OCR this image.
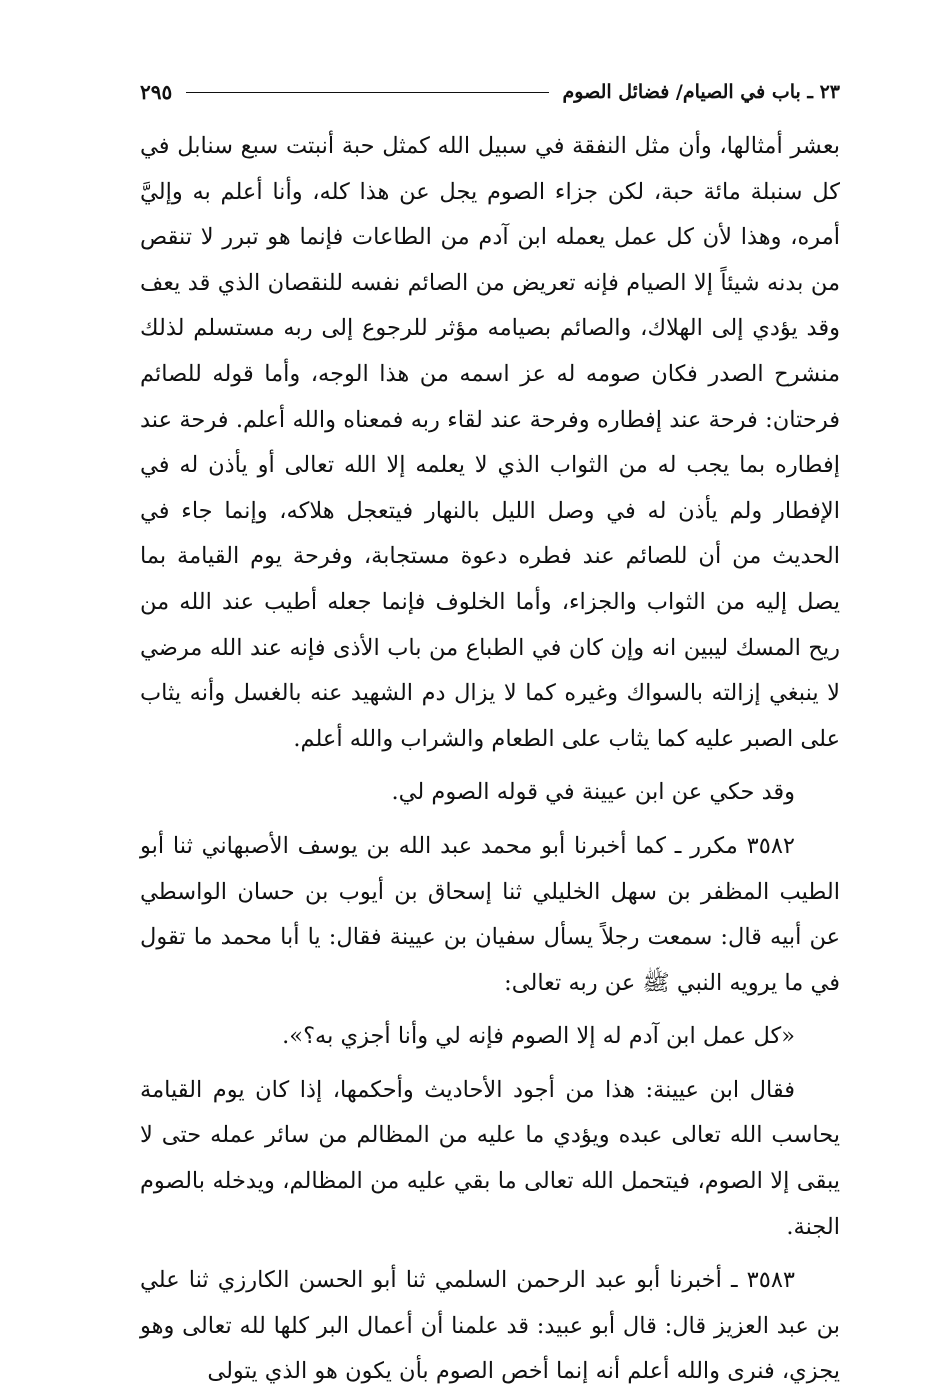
٢٣ ـ باب في الصيام/ فضائل الصوم
٢٩٥

بعشر أمثالها، وأن مثل النفقة في سبيل الله كمثل حبة أنبتت سبع سنابل في كل سنبلة مائة حبة، لكن جزاء الصوم يجل عن هذا كله، وأنا أعلم به وإليَّ أمره، وهذا لأن كل عمل يعمله ابن آدم من الطاعات فإنما هو تبرر لا تنقص من بدنه شيئاً إلا الصيام فإنه تعريض من الصائم نفسه للنقصان الذي قد يعف وقد يؤدي إلى الهلاك، والصائم بصيامه مؤثر للرجوع إلى ربه مستسلم لذلك منشرح الصدر فكان صومه له عز اسمه من هذا الوجه، وأما قوله للصائم فرحتان: فرحة عند إفطاره وفرحة عند لقاء ربه فمعناه والله أعلم. فرحة عند إفطاره بما يجب له من الثواب الذي لا يعلمه إلا الله تعالى أو يأذن له في الإفطار ولم يأذن له في وصل الليل بالنهار فيتعجل هلاكه، وإنما جاء في الحديث من أن للصائم عند فطره دعوة مستجابة، وفرحة يوم القيامة بما يصل إليه من الثواب والجزاء، وأما الخلوف فإنما جعله أطيب عند الله من ريح المسك ليبين انه وإن كان في الطباع من باب الأذى فإنه عند الله مرضي لا ينبغي إزالته بالسواك وغيره كما لا يزال دم الشهيد عنه بالغسل وأنه يثاب على الصبر عليه كما يثاب على الطعام والشراب والله أعلم.

وقد حكي عن ابن عيينة في قوله الصوم لي.

٣٥٨٢ مكرر ـ كما أخبرنا أبو محمد عبد الله بن يوسف الأصبهاني ثنا أبو الطيب المظفر بن سهل الخليلي ثنا إسحاق بن أيوب بن حسان الواسطي عن أبيه قال: سمعت رجلاً يسأل سفيان بن عيينة فقال: يا أبا محمد ما تقول في ما يرويه النبي ﷺ عن ربه تعالى:

«كل عمل ابن آدم له إلا الصوم فإنه لي وأنا أجزي به؟».

فقال ابن عيينة: هذا من أجود الأحاديث وأحكمها، إذا كان يوم القيامة يحاسب الله تعالى عبده ويؤدي ما عليه من المظالم من سائر عمله حتى لا يبقى إلا الصوم، فيتحمل الله تعالى ما بقي عليه من المظالم، ويدخله بالصوم الجنة.

٣٥٨٣ ـ أخبرنا أبو عبد الرحمن السلمي ثنا أبو الحسن الكارزي ثنا علي بن عبد العزيز قال: قال أبو عبيد: قد علمنا أن أعمال البر كلها لله تعالى وهو يجزي، فنرى والله أعلم أنه إنما أخص الصوم بأن يكون هو الذي يتولى
